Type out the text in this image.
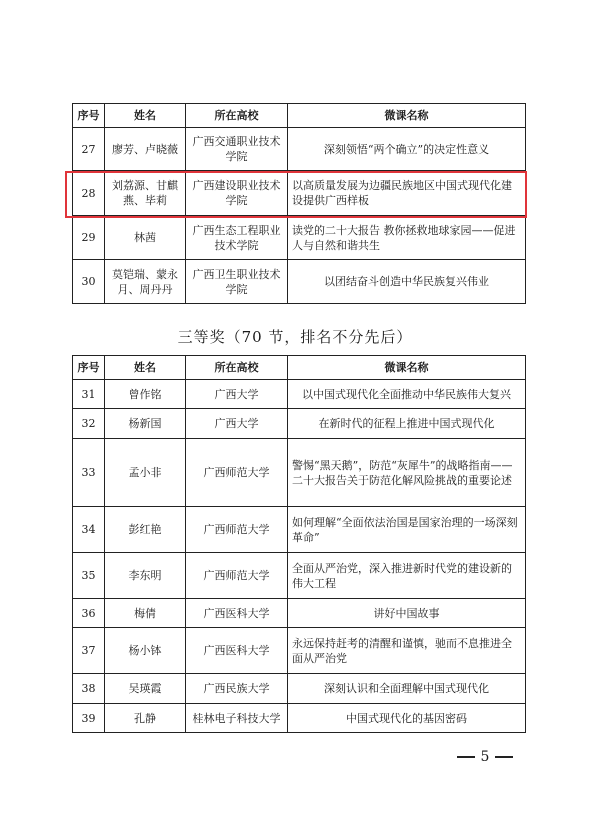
序号	姓名	所在高校	微课名称
27	廖芳、卢晓薇	广西交通职业技术学院	深刻领悟“两个确立”的决定性意义
28	刘荔源、甘麒燕、毕莉	广西建设职业技术学院	以高质量发展为边疆民族地区中国式现代化建设提供广西样板
29	林茜	广西生态工程职业技术学院	读党的二十大报告 教你拯救地球家园——促进人与自然和谐共生
30	莫铠瑞、蒙永月、周丹丹	广西卫生职业技术学院	以团结奋斗创造中华民族复兴伟业
三等奖（70 节，排名不分先后）
序号	姓名	所在高校	微课名称
31	曾作铭	广西大学	以中国式现代化全面推动中华民族伟大复兴
32	杨新国	广西大学	在新时代的征程上推进中国式现代化
33	孟小非	广西师范大学	警惕“黑天鹅”，防范“灰犀牛”的战略指南——二十大报告关于防范化解风险挑战的重要论述
34	彭红艳	广西师范大学	如何理解“全面依法治国是国家治理的一场深刻革命”
35	李东明	广西师范大学	全面从严治党，深入推进新时代党的建设新的伟大工程
36	梅倩	广西医科大学	讲好中国故事
37	杨小钵	广西医科大学	永远保持赶考的清醒和谨慎，驰而不息推进全面从严治党
38	吴瑛霞	广西民族大学	深刻认识和全面理解中国式现代化
39	孔静	桂林电子科技大学	中国式现代化的基因密码
5
